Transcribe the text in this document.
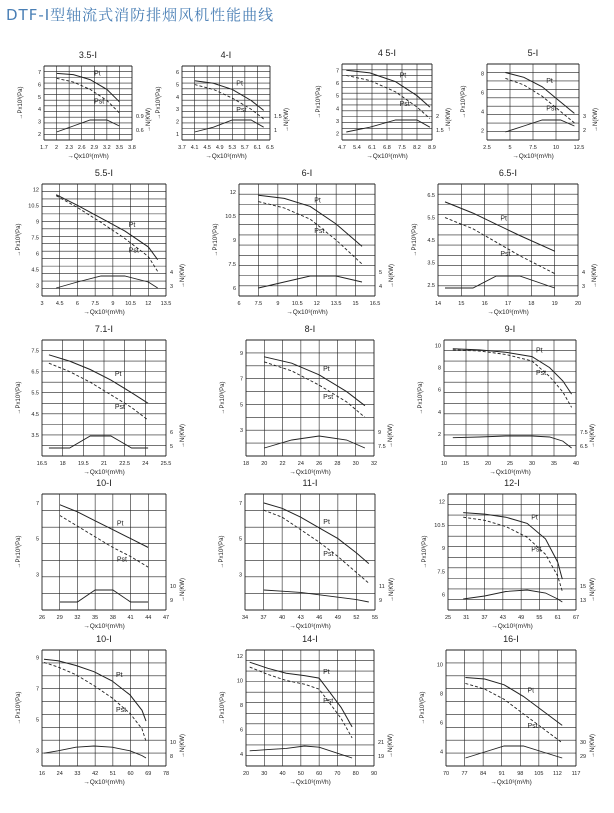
DTF-Ⅰ型轴流式消防排烟风机性能曲线
3.5-Ⅰ
1.7 2 2.3 2.6 2.9 3.2 3.5 3.8
2
3
4
5
6
7
0.9
0.6
→Px10³(Pa)
→Qx10³(m³/h)
→N(KW)
Pt
Pst
4-Ⅰ
3.7 4.1 4.5 4.9 5.3 5.7 6.1 6.5
1
2
3
4
5
6
1.5
1
→Px10³(Pa)
→Qx10³(m³/h)
→N(KW)
Pt
Pst
4 5-Ⅰ
4.7 5.4 6.1 6.8 7.5 8.2 8.9
2
3
4
5
6
7
2
1.5
→Px10³(Pa)
→Qx10³(m³/h)
→N(KW)
Pt
Pst
5-Ⅰ
2.5	5	7.5	10	12.5
2
4
6
8
3
2
→Px10³(Pa)
→Qx10³(m³/h)
→N(KW)
Pt
Pst
5.5-Ⅰ
3 4.5 6 7.5 9 10.5 12 13.5
3
4.5
6
7.5
9
10.5
12
4
3
→Px10³(Pa)
→Qx10³(m³/h)
→N(KW)
Pt
Pst
6-Ⅰ
6	7.5	9 10.5 12 13.5 15 16.5
6
7.5
9
10.5
12
5
4
→Px10³(Pa)
→Qx10³(m³/h)
→N(KW)
Pt
Pst
6.5-Ⅰ
14	15	16	17	18	19	20
2.5
3.5
4.5
5.5
6.5
4
3
→Px10³(Pa)
→Qx10³(m³/h)
→N(KW)
Pt
Pst
7.1-Ⅰ
16.5 18 19.5 21 22.5 24 25.5
3.5
4.5
5.5
6.5
7.5
6
5
→Px10³(Pa)
→Qx10³(m³/h)
→N(KW)
Pt
Pst
8-Ⅰ
18 20 22 24 26 28 30 32
3
5
7
9
9
7.5
→Px10³(Pa)
→Qx10³(m³/h)
→N(KW)
Pt
Pst
9-Ⅰ
10	15	20	25	30	35	40
2
4
6
8
10
7.5
6.5
→Px10³(Pa)
→Qx10³(m³/h)
→N(KW)
Pt
Pst
10-Ⅰ
26 29 32 35 38 41 44 47
3
5
7
10
9
→Px10³(Pa)
→Qx10³(m³/h)
→N(KW)
Pt
Pst
11-Ⅰ
34 37 40 43 46 49 52 55
3
5
7
11
9
→Px10³(Pa)
→Qx10³(m³/h)
→N(KW)
Pt
Pst
12-Ⅰ
25 31 37 43 49 55 61 67
6
7.5
9
10.5
12
15
13
→Px10³(Pa)
→Qx10³(m³/h)
→N(KW)
Pt
Pst
10-Ⅰ
16 24 33 42 51 60 69 78
3
5
7
9
10
8
→Px10³(Pa)
→Qx10³(m³/h)
→N(KW)
Pt
Pst
14-Ⅰ
20 30 40 50 60 70 80 90
4
6
8
10
12
21
19
→Px10³(Pa)
→Qx10³(m³/h)
→N(KW)
Pt
Pst
16-Ⅰ
70 77 84 91 98 105 112 117
4
6
8
10
30
29
→Px10³(Pa)
→Qx10³(m³/h)
→N(KW)
Pt
Pst
